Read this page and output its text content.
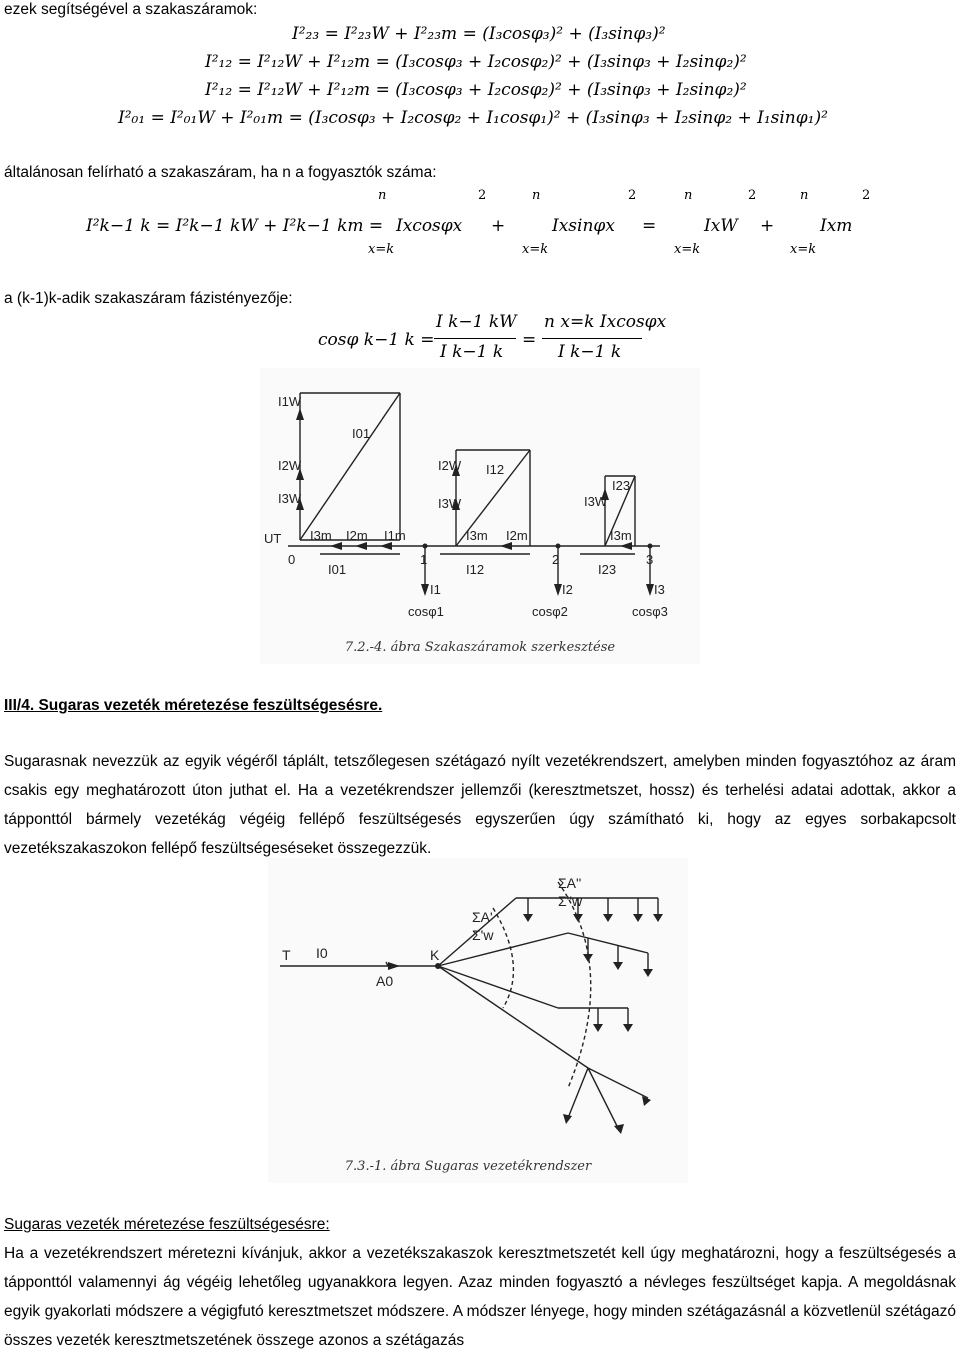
ezek segítségével a szakaszáramok:
I²₂₃ = I²₂₃W + I²₂₃m = (I₃cosφ₃)² + (I₃sinφ₃)²
I²₁₂ = I²₁₂W + I²₁₂m = (I₃cosφ₃ + I₂cosφ₂)² + (I₃sinφ₃ + I₂sinφ₂)²
I²₁₂ = I²₁₂W + I²₁₂m = (I₃cosφ₃ + I₂cosφ₂)² + (I₃sinφ₃ + I₂sinφ₂)²
I²₀₁ = I²₀₁W + I²₀₁m = (I₃cosφ₃ + I₂cosφ₂ + I₁cosφ₁)² + (I₃sinφ₃ + I₂sinφ₂ + I₁sinφ₁)²
általánosan felírható a szakaszáram, ha n a fogyasztók száma:
I²k−1 k = I²k−1 kW + I²k−1 km =
n	2
Ixcosφx
x=k
+
n	2
Ixsinφx
x=k
=
n	2
IxW
x=k
+
n	2
Ixm
x=k
a (k-1)k-adik szakaszáram fázistényezője:
cosφ k−1 k =
I k−1 kW
I k−1 k
=
n x=k Ixcosφx
I k−1 k
I1W
I01
I2W
I3W
UT I3m I2m I1m
0
I01
1
I2W I12
I3W
I3m I2m
I12
2
I3W
I23
I3m
I23
3
I1
cosφ1
I2
cosφ2
I3
cosφ3
7.2.-4. ábra Szakaszáramok szerkesztése
III/4. Sugaras vezeték méretezése feszültségesésre.
Sugarasnak nevezzük az egyik végéről táplált, tetszőlegesen szétágazó nyílt vezetékrendszert, amelyben minden fogyasztóhoz az áram csakis egy meghatározott úton juthat el. Ha a vezetékrendszer jellemzői (keresztmetszet, hossz) és terhelési adatai adottak, akkor a tápponttól bármely vezetékág végéig fellépő feszültségesés egyszerűen úgy számítható ki, hogy az egyes sorbakapcsolt vezetékszakaszokon fellépő feszültségeséseket összegezzük.
T I0
A0
K
ΣA'
Σ'w
ΣA''
Σ''w
7.3.-1. ábra Sugaras vezetékrendszer
Sugaras vezeték méretezése feszültségesésre:
Ha a vezetékrendszert méretezni kívánjuk, akkor a vezetékszakaszok keresztmetszetét kell úgy meghatározni, hogy a feszültségesés a tápponttól valamennyi ág végéig lehetőleg ugyanakkora legyen. Azaz minden fogyasztó a névleges feszültséget kapja. A megoldásnak egyik gyakorlati módszere a végigfutó keresztmetszet módszere. A módszer lényege, hogy minden szétágazásnál a közvetlenül szétágazó összes vezeték keresztmetszetének összege azonos a szétágazás
